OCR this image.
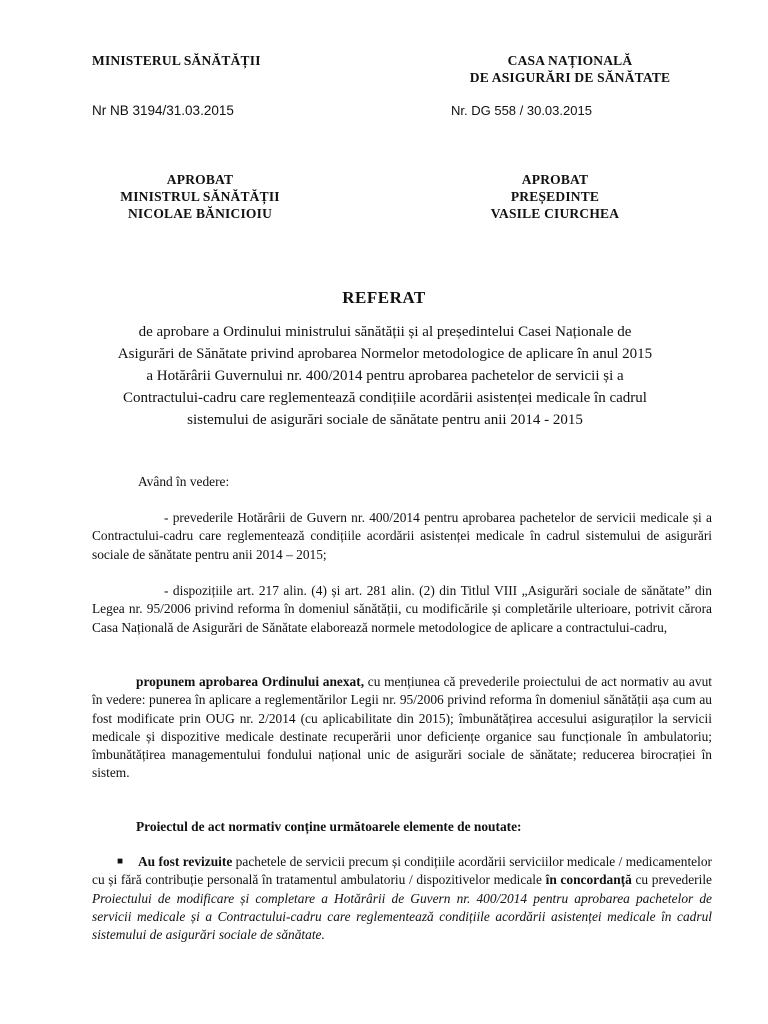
MINISTERUL SĂNĂTĂȚII	CASA NAȚIONALĂ
DE ASIGURĂRI DE SĂNĂTATE
Nr NB 3194/31.03.2015	Nr. DG 558 / 30.03.2015
APROBAT
MINISTRUL SĂNĂTĂȚII
NICOLAE BĂNICIOIU
APROBAT
PREȘEDINTE
VASILE CIURCHEA
REFERAT
de aprobare a Ordinului ministrului sănătății și al președintelui Casei Naționale de
Asigurări de Sănătate privind aprobarea Normelor metodologice de aplicare în anul 2015
a Hotărârii Guvernului nr. 400/2014 pentru aprobarea pachetelor de servicii și a
Contractului-cadru care reglementează condițiile acordării asistenței medicale în cadrul
sistemului de asigurări sociale de sănătate pentru anii 2014 - 2015
Având în vedere:
- prevederile Hotărârii de Guvern nr. 400/2014 pentru aprobarea pachetelor de servicii medicale și a Contractului-cadru care reglementează condițiile acordării asistenței medicale în cadrul sistemului de asigurări sociale de sănătate pentru anii 2014 – 2015;
- dispozițiile art. 217 alin. (4) și art. 281 alin. (2) din Titlul VIII „Asigurări sociale de sănătate” din Legea nr. 95/2006 privind reforma în domeniul sănătății, cu modificările și completările ulterioare, potrivit cărora Casa Națională de Asigurări de Sănătate elaborează normele metodologice de aplicare a contractului-cadru,
propunem aprobarea Ordinului anexat, cu mențiunea că prevederile proiectului de act normativ au avut în vedere: punerea în aplicare a reglementărilor Legii nr. 95/2006 privind reforma în domeniul sănătății așa cum au fost modificate prin OUG nr. 2/2014 (cu aplicabilitate din 2015); îmbunătățirea accesului asiguraților la servicii medicale și dispozitive medicale destinate recuperării unor deficiențe organice sau funcționale în ambulatoriu; îmbunătățirea managementului fondului național unic de asigurări sociale de sănătate; reducerea birocrației în sistem.
Proiectul de act normativ conține următoarele elemente de noutate:
■	Au fost revizuite pachetele de servicii precum și condițiile acordării serviciilor medicale / medicamentelor cu și fără contribuție personală în tratamentul ambulatoriu / dispozitivelor medicale în concordanță cu prevederile Proiectului de modificare și completare a Hotărârii de Guvern nr. 400/2014 pentru aprobarea pachetelor de servicii medicale și a Contractului-cadru care reglementează condițiile acordării asistenței medicale în cadrul sistemului de asigurări sociale de sănătate.
